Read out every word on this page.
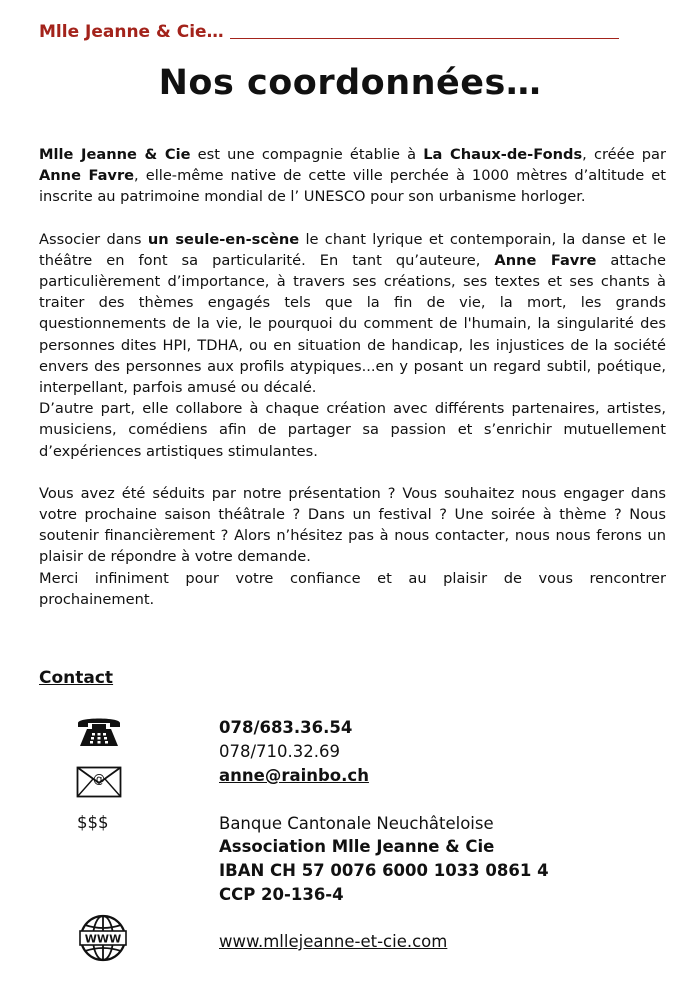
Mlle Jeanne & Cie…
Nos coordonnées…

Mlle Jeanne & Cie est une compagnie établie à La Chaux-de-Fonds, créée par Anne Favre, elle-même native de cette ville perchée à 1000 mètres d’altitude et inscrite au patrimoine mondial de l’ UNESCO pour son urbanisme horloger.

Associer dans un seule-en-scène le chant lyrique et contemporain, la danse et le théâtre en font sa particularité. En tant qu’auteure, Anne Favre attache particulièrement d’importance, à travers ses créations, ses textes et ses chants à traiter des thèmes engagés tels que la fin de vie, la mort, les grands questionnements de la vie, le pourquoi du comment de l'humain, la singularité des personnes dites HPI, TDHA, ou en situation de handicap, les injustices de la société envers des personnes aux profils atypiques...en y posant un regard subtil, poétique, interpellant, parfois amusé ou décalé.

D’autre part, elle collabore à chaque création avec différents partenaires, artistes, musiciens, comédiens afin de partager sa passion et s’enrichir mutuellement d’expériences artistiques stimulantes.

Vous avez été séduits par notre présentation ? Vous souhaitez nous engager dans votre prochaine saison théâtrale ? Dans un festival ? Une soirée à thème ? Nous soutenir financièrement ? Alors n’hésitez pas à nous contacter, nous nous ferons un plaisir de répondre à votre demande.

Merci infiniment pour votre confiance et au plaisir de vous rencontrer prochainement.

Contact
078/683.36.54
078/710.32.69
@	anne@rainbo.ch
$$$	Banque Cantonale Neuchâteloise
Association Mlle Jeanne & Cie
IBAN CH 57 0076 6000 1033 0861 4
CCP 20-136-4
WWW	www.mllejeanne-et-cie.com
